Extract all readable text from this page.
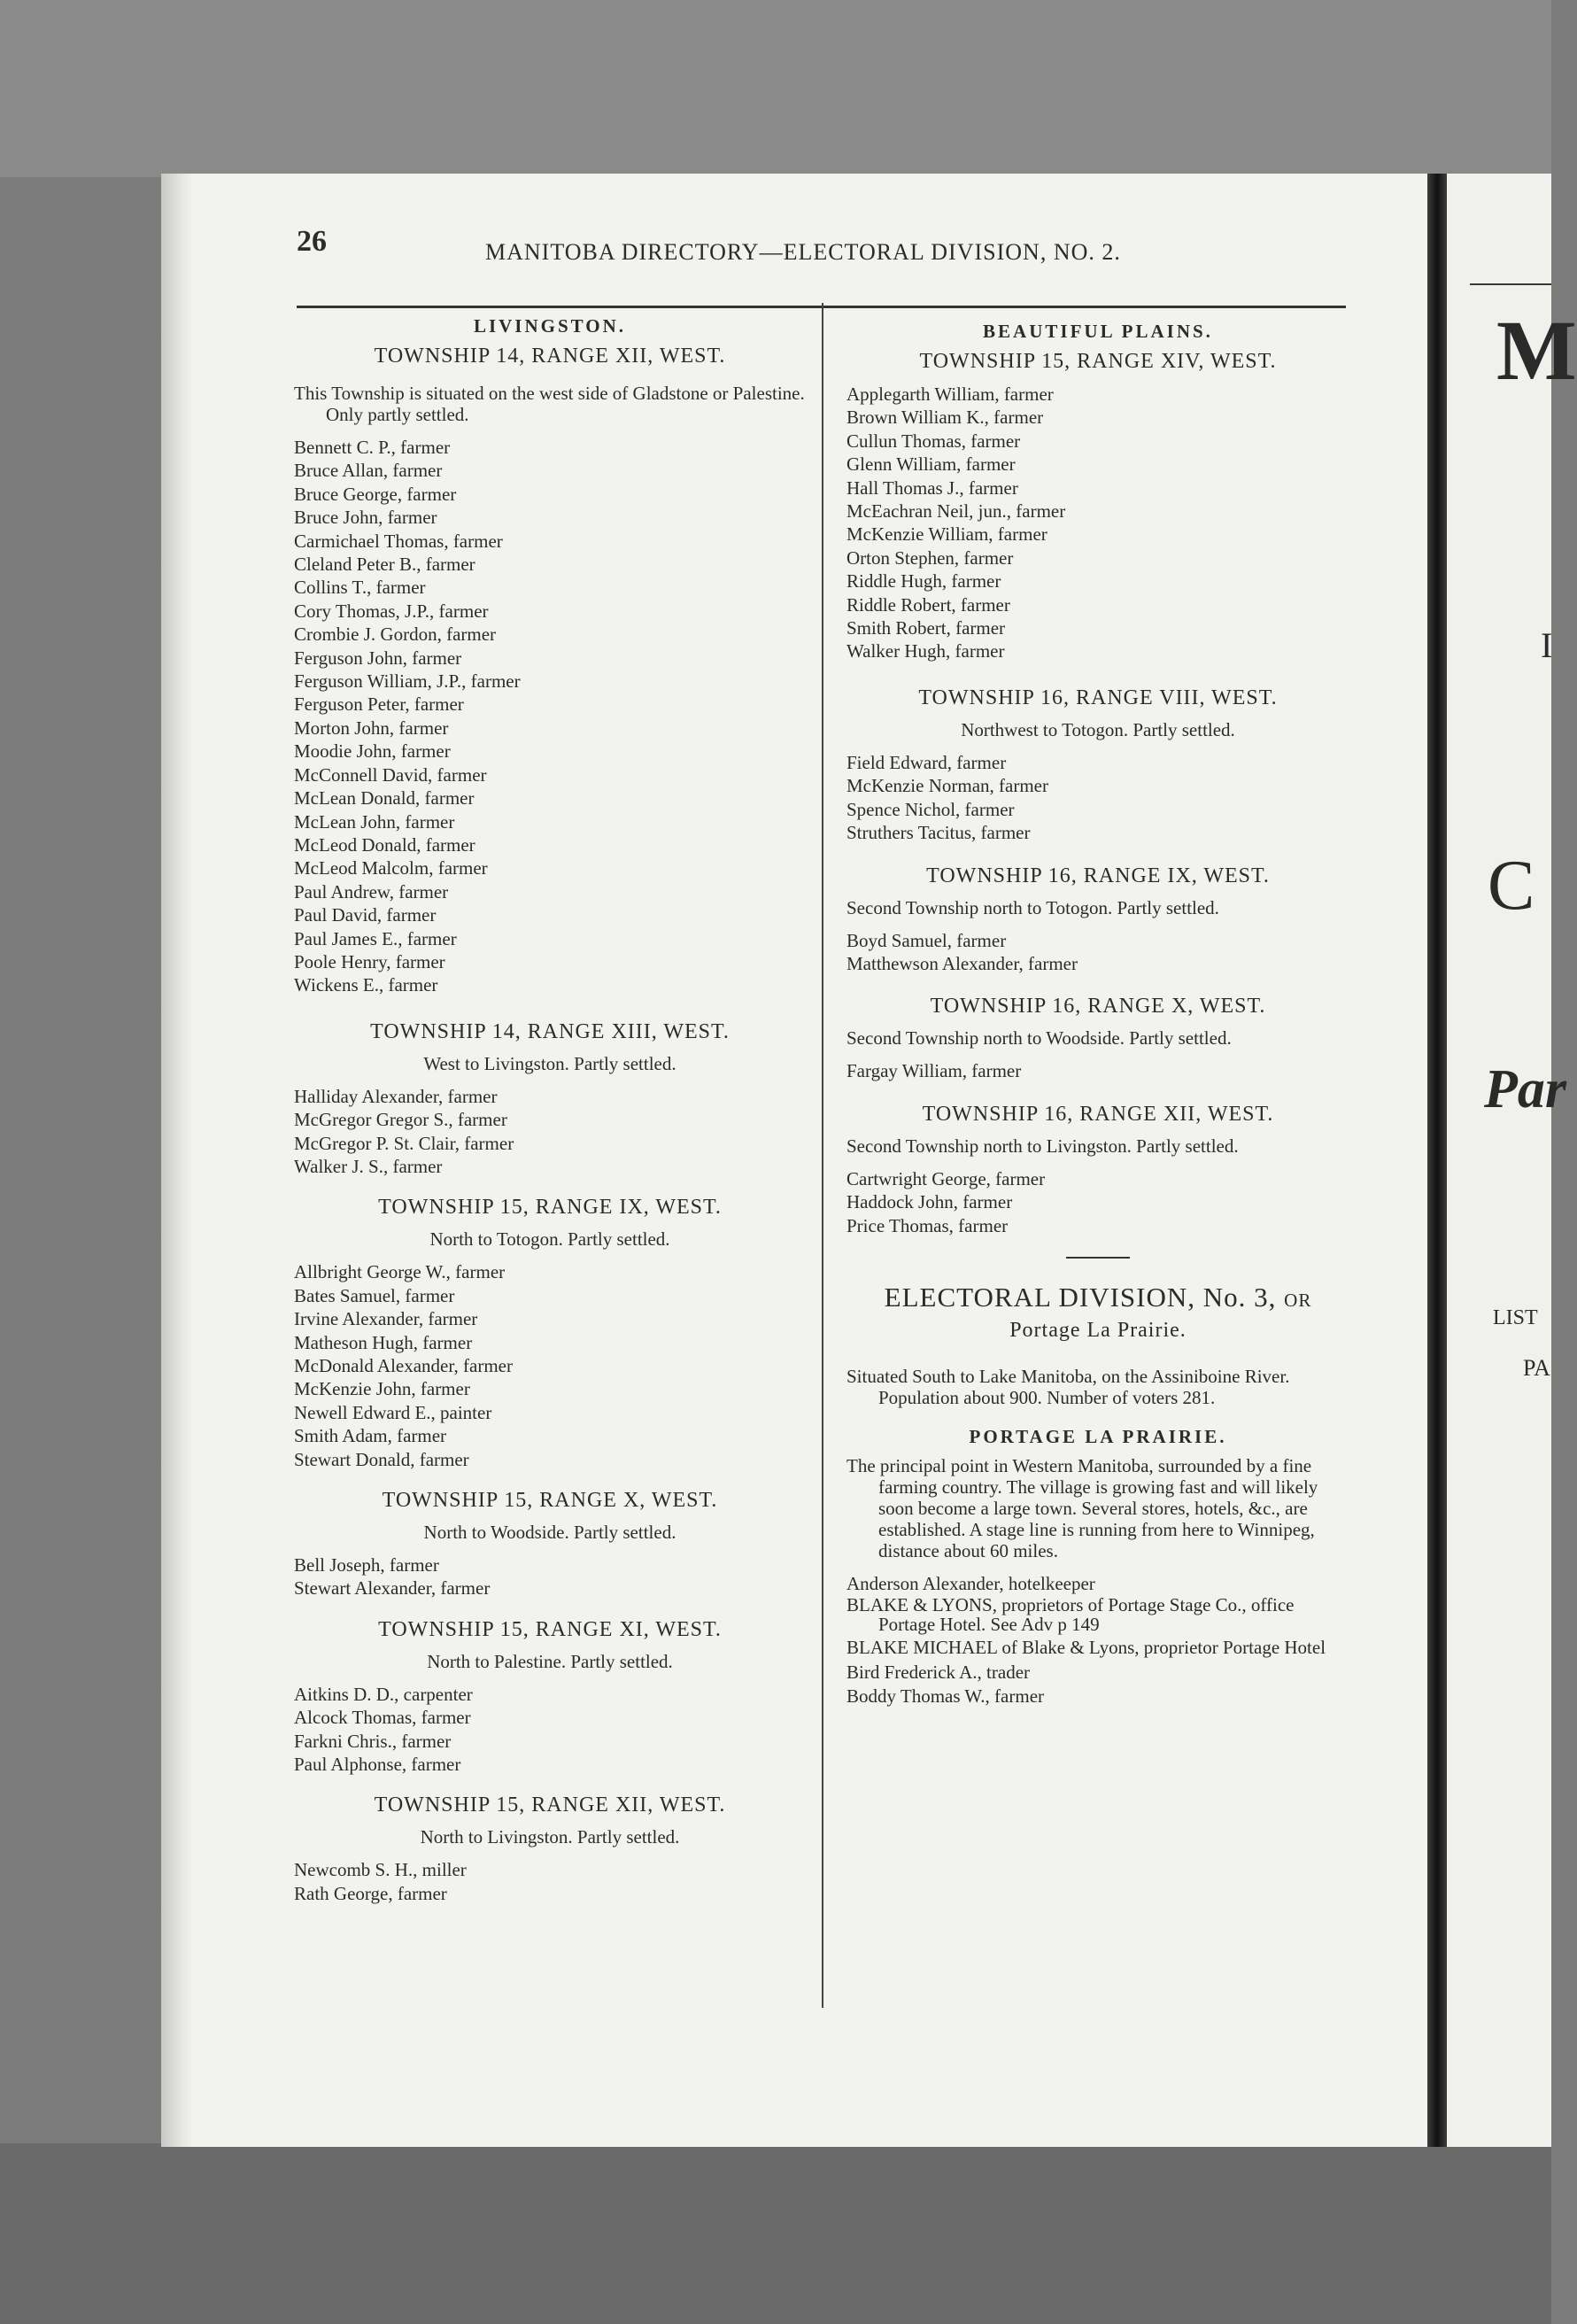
M
I
C
Par
LIST
PA
26	MANITOBA DIRECTORY—ELECTORAL DIVISION, NO. 2.
LIVINGSTON.
TOWNSHIP 14, RANGE XII, WEST.
This Township is situated on the west side of Gladstone or Palestine. Only partly settled.
Bennett C. P., farmer
Bruce Allan, farmer
Bruce George, farmer
Bruce John, farmer
Carmichael Thomas, farmer
Cleland Peter B., farmer
Collins T., farmer
Cory Thomas, J.P., farmer
Crombie J. Gordon, farmer
Ferguson John, farmer
Ferguson William, J.P., farmer
Ferguson Peter, farmer
Morton John, farmer
Moodie John, farmer
McConnell David, farmer
McLean Donald, farmer
McLean John, farmer
McLeod Donald, farmer
McLeod Malcolm, farmer
Paul Andrew, farmer
Paul David, farmer
Paul James E., farmer
Poole Henry, farmer
Wickens E., farmer
TOWNSHIP 14, RANGE XIII, WEST.
West to Livingston. Partly settled.
Halliday Alexander, farmer
McGregor Gregor S., farmer
McGregor P. St. Clair, farmer
Walker J. S., farmer
TOWNSHIP 15, RANGE IX, WEST.
North to Totogon. Partly settled.
Allbright George W., farmer
Bates Samuel, farmer
Irvine Alexander, farmer
Matheson Hugh, farmer
McDonald Alexander, farmer
McKenzie John, farmer
Newell Edward E., painter
Smith Adam, farmer
Stewart Donald, farmer
TOWNSHIP 15, RANGE X, WEST.
North to Woodside. Partly settled.
Bell Joseph, farmer
Stewart Alexander, farmer
TOWNSHIP 15, RANGE XI, WEST.
North to Palestine. Partly settled.
Aitkins D. D., carpenter
Alcock Thomas, farmer
Farkni Chris., farmer
Paul Alphonse, farmer
TOWNSHIP 15, RANGE XII, WEST.
North to Livingston. Partly settled.
Newcomb S. H., miller
Rath George, farmer
BEAUTIFUL PLAINS.
TOWNSHIP 15, RANGE XIV, WEST.
Applegarth William, farmer
Brown William K., farmer
Cullun Thomas, farmer
Glenn William, farmer
Hall Thomas J., farmer
McEachran Neil, jun., farmer
McKenzie William, farmer
Orton Stephen, farmer
Riddle Hugh, farmer
Riddle Robert, farmer
Smith Robert, farmer
Walker Hugh, farmer
TOWNSHIP 16, RANGE VIII, WEST.
Northwest to Totogon. Partly settled.
Field Edward, farmer
McKenzie Norman, farmer
Spence Nichol, farmer
Struthers Tacitus, farmer
TOWNSHIP 16, RANGE IX, WEST.
Second Township north to Totogon. Partly settled.
Boyd Samuel, farmer
Matthewson Alexander, farmer
TOWNSHIP 16, RANGE X, WEST.
Second Township north to Woodside. Partly settled.
Fargay William, farmer
TOWNSHIP 16, RANGE XII, WEST.
Second Township north to Livingston. Partly settled.
Cartwright George, farmer
Haddock John, farmer
Price Thomas, farmer
ELECTORAL DIVISION, No. 3, OR
Portage La Prairie.
Situated South to Lake Manitoba, on the Assiniboine River. Population about 900. Number of voters 281.
PORTAGE LA PRAIRIE.
The principal point in Western Manitoba, surrounded by a fine farming country. The village is growing fast and will likely soon become a large town. Several stores, hotels, &c., are established. A stage line is running from here to Winnipeg, distance about 60 miles.
Anderson Alexander, hotelkeeper
BLAKE & LYONS, proprietors of Portage Stage Co., office Portage Hotel. See Adv p 149
BLAKE MICHAEL of Blake & Lyons, proprietor Portage Hotel
Bird Frederick A., trader
Boddy Thomas W., farmer
